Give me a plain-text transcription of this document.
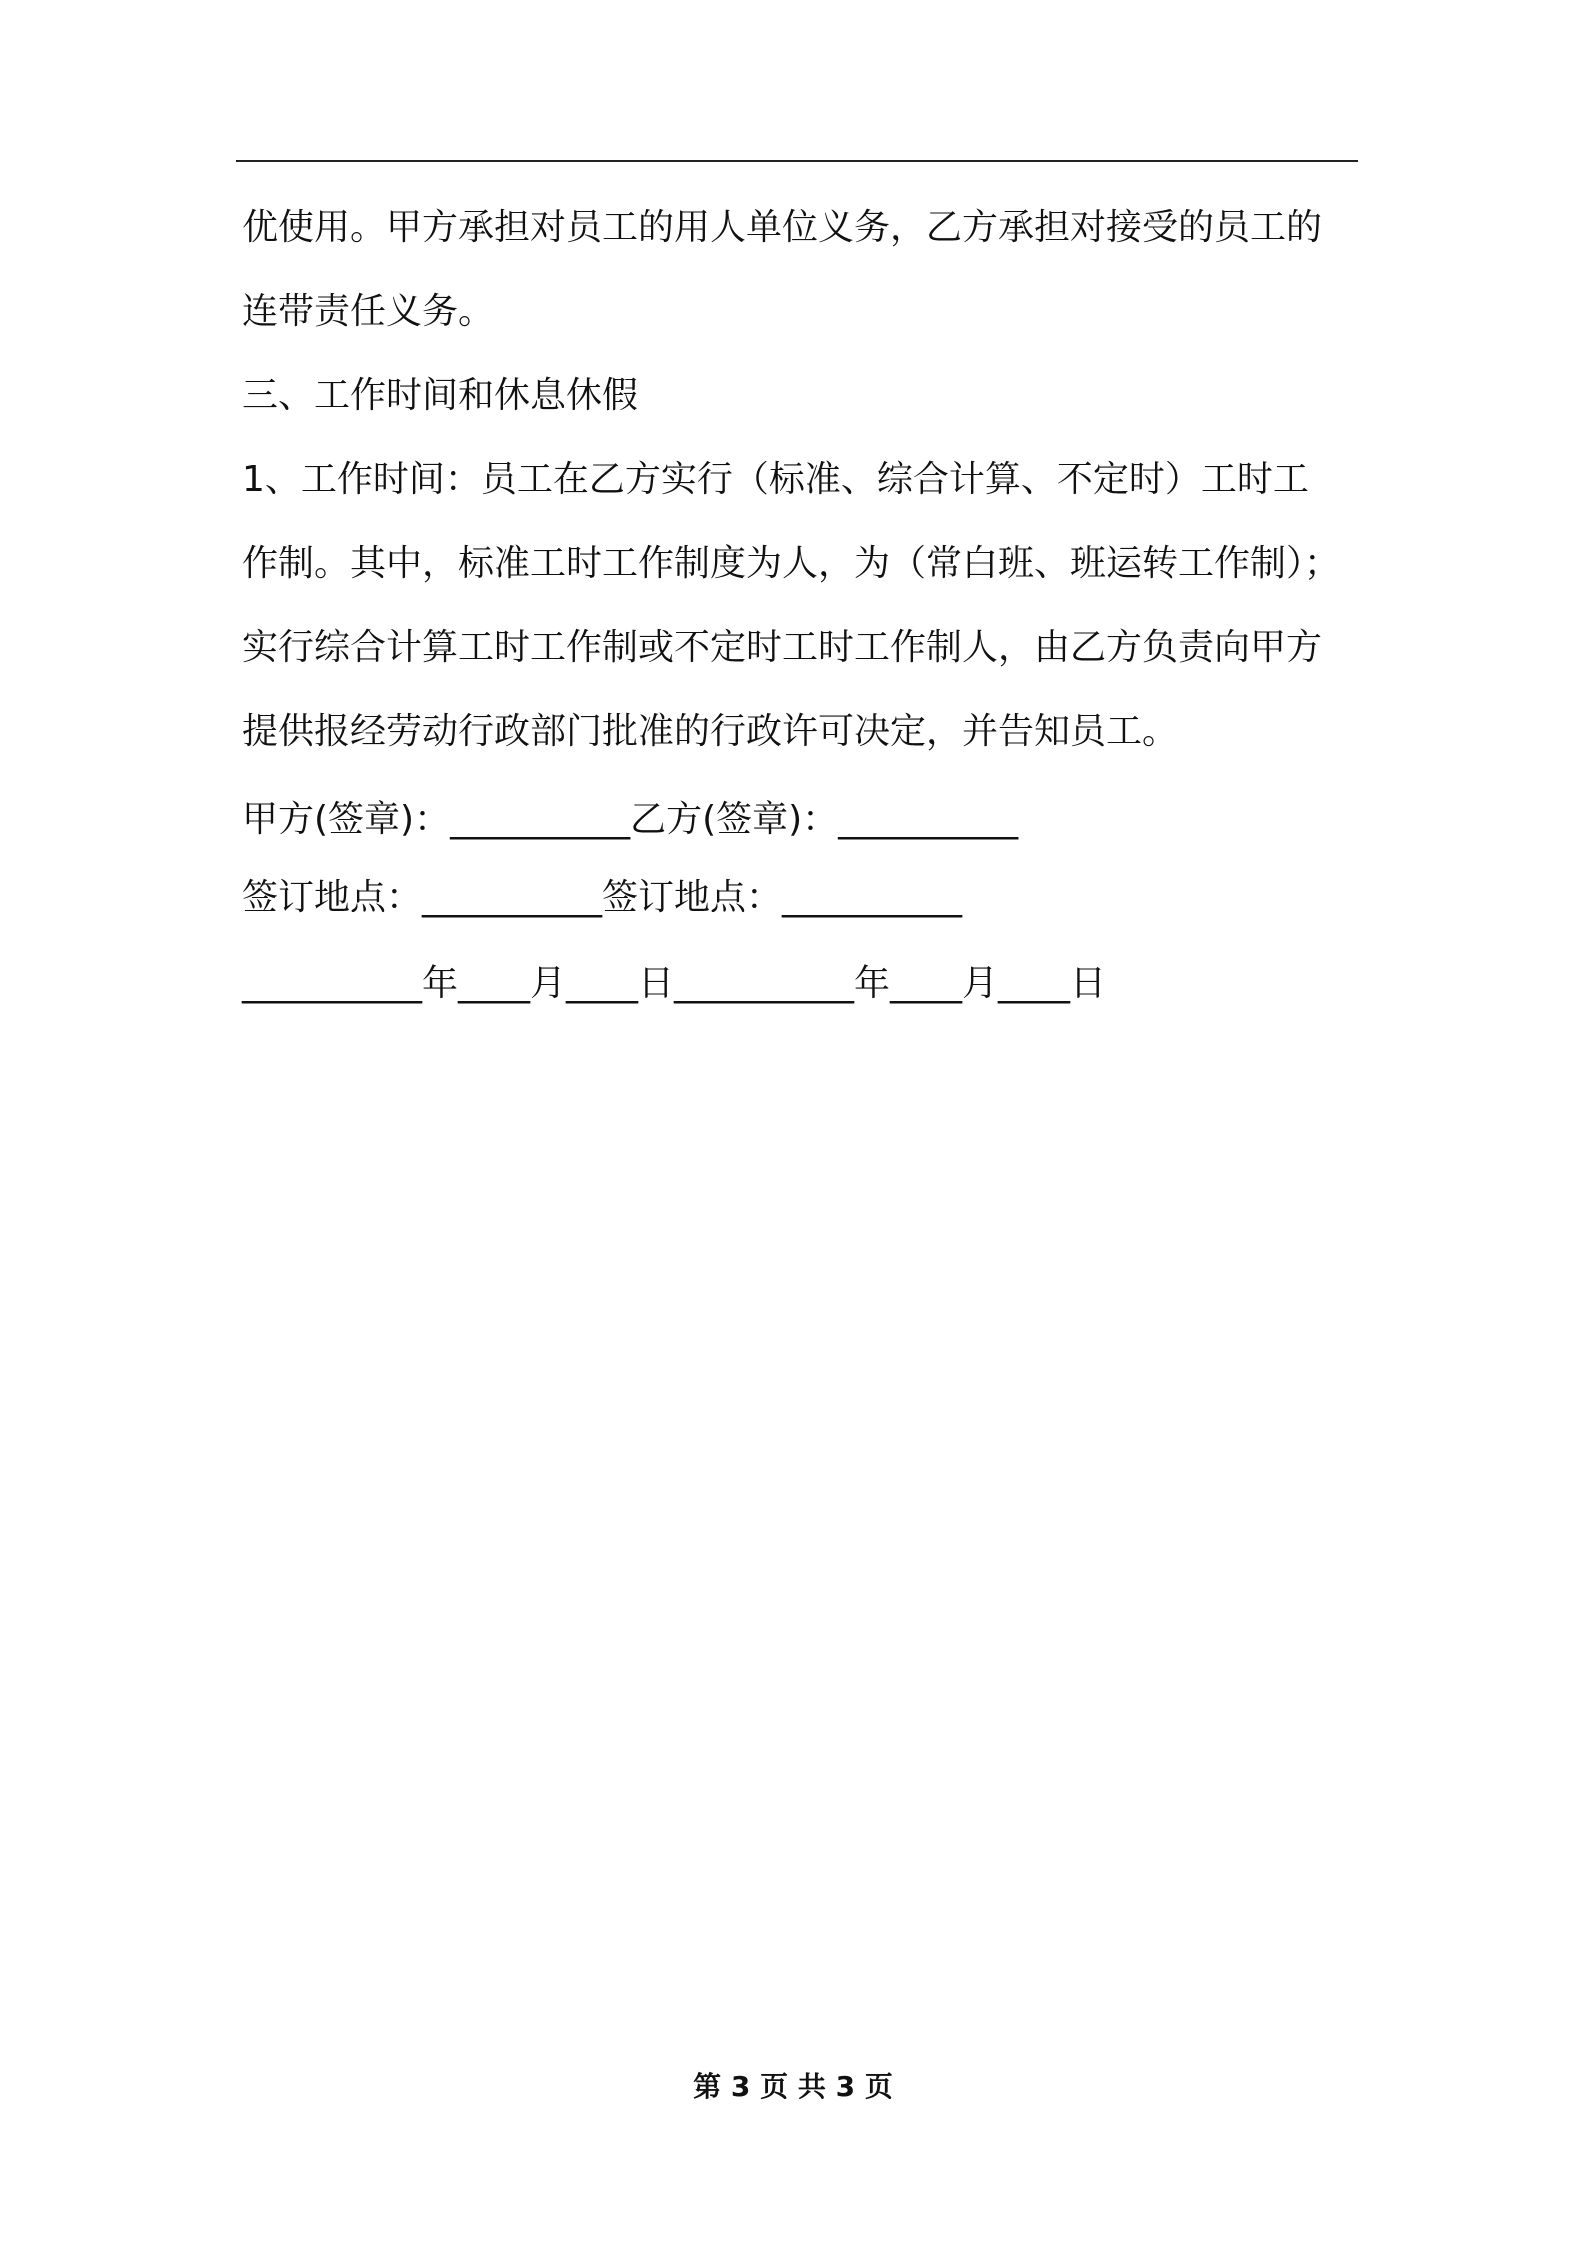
优使用。甲方承担对员工的用人单位义务，乙方承担对接受的员工的
连带责任义务。
三、工作时间和休息休假
1、工作时间：员工在乙方实行（标准、综合计算、不定时）工时工
作制。其中，标准工时工作制度为人，为（常白班、班运转工作制）；
实行综合计算工时工作制或不定时工时工作制人，由乙方负责向甲方
提供报经劳动行政部门批准的行政许可决定，并告知员工。
甲方(签章)：__________乙方(签章)：__________
签订地点：__________签订地点：__________
__________年____月____日__________年____月____日
第 3 页 共 3 页
